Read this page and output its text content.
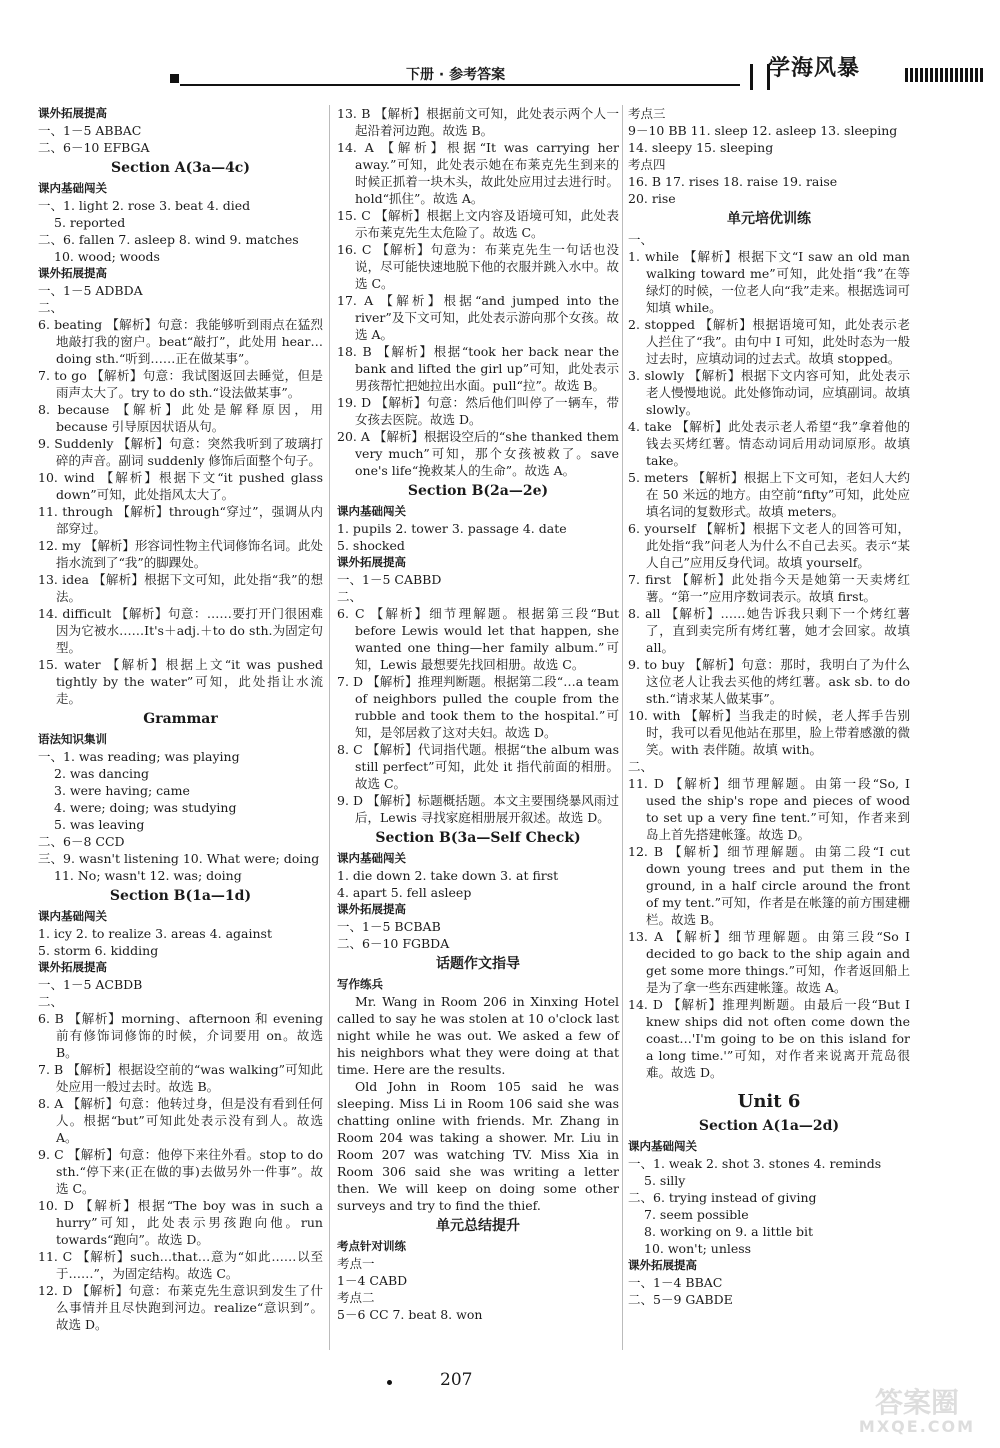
下册 · 参考答案	学海风暴
课外拓展提高
一、1－5 ABBAC
二、6－10 EFBGA
Section A(3a—4c)
课内基础闯关
一、1. light 2. rose 3. beat 4. died
5. reported
二、6. fallen 7. asleep 8. wind 9. matches
10. wood; woods
课外拓展提高
一、1－5 ADBDA
二、
6. beating 【解析】句意：我能够听到雨点在猛烈地敲打我的窗户。beat“敲打”，此处用 hear…doing sth.“听到……正在做某事”。
7. to go 【解析】句意：我试图返回去睡觉，但是雨声太大了。try to do sth.“设法做某事”。
8. because 【解析】此处是解释原因，用 because 引导原因状语从句。
9. Suddenly 【解析】句意：突然我听到了玻璃打碎的声音。副词 suddenly 修饰后面整个句子。
10. wind 【解析】根据下文“it pushed glass down”可知，此处指风太大了。
11. through 【解析】through“穿过”，强调从内部穿过。
12. my 【解析】形容词性物主代词修饰名词。此处指水流到了“我”的脚踝处。
13. idea 【解析】根据下文可知，此处指“我”的想法。
14. difficult 【解析】句意：……要打开门很困难因为它被水……It's＋adj.＋to do sth.为固定句型。
15. water 【解析】根据上文“it was pushed tightly by the water”可知，此处指让水流走。
Grammar
语法知识集训
一、1. was reading; was playing
2. was dancing
3. were having; came
4. were; doing; was studying
5. was leaving
二、6－8 CCD
三、9. wasn't listening 10. What were; doing
11. No; wasn't 12. was; doing
Section B(1a—1d)
课内基础闯关
1. icy 2. to realize 3. areas 4. against
5. storm 6. kidding
课外拓展提高
一、1－5 ACBDB
二、
6. B 【解析】morning、afternoon 和 evening 前有修饰词修饰的时候，介词要用 on。故选 B。
7. B 【解析】根据设空前的“was walking”可知此处应用一般过去时。故选 B。
8. A 【解析】句意：他转过身，但是没有看到任何人。根据“but”可知此处表示没有到人。故选 A。
9. C 【解析】句意：他停下来往外看。stop to do sth.“停下来(正在做的事)去做另外一件事”。故选 C。
10. D 【解析】根据“The boy was in such a hurry”可知，此处表示男孩跑向他。run towards“跑向”。故选 D。
11. C 【解析】such…that…意为“如此……以至于……”，为固定结构。故选 C。
12. D 【解析】句意：布莱克先生意识到发生了什么事情并且尽快跑到河边。realize“意识到”。故选 D。
13. B 【解析】根据前文可知，此处表示两个人一起沿着河边跑。故选 B。
14. A 【解析】根据“It was carrying her away.”可知，此处表示她在布莱克先生到来的时候正抓着一块木头，故此处应用过去进行时。hold“抓住”。故选 A。
15. C 【解析】根据上文内容及语境可知，此处表示布莱克先生太危险了。故选 C。
16. C 【解析】句意为：布莱克先生一句话也没说，尽可能快速地脱下他的衣服并跳入水中。故选 C。
17. A 【解析】根据“and jumped into the river”及下文可知，此处表示游向那个女孩。故选 A。
18. B 【解析】根据“took her back near the bank and lifted the girl up”可知，此处表示男孩帮忙把她拉出水面。pull“拉”。故选 B。
19. D 【解析】句意：然后他们叫停了一辆车，带女孩去医院。故选 D。
20. A 【解析】根据设空后的“she thanked them very much”可知，那个女孩被救了。save one's life“挽救某人的生命”。故选 A。
Section B(2a—2e)
课内基础闯关
1. pupils 2. tower 3. passage 4. date
5. shocked
课外拓展提高
一、1－5 CABBD
二、
6. C 【解析】细节理解题。根据第三段“But before Lewis would let that happen, she wanted one thing—her family album.”可知，Lewis 最想要先找回相册。故选 C。
7. D 【解析】推理判断题。根据第二段“…a team of neighbors pulled the couple from the rubble and took them to the hospital.”可知，是邻居救了这对夫妇。故选 D。
8. C 【解析】代词指代题。根据“the album was still perfect”可知，此处 it 指代前面的相册。故选 C。
9. D 【解析】标题概括题。本文主要围绕暴风雨过后，Lewis 寻找家庭相册展开叙述。故选 D。
Section B(3a—Self Check)
课内基础闯关
1. die down 2. take down 3. at first
4. apart 5. fell asleep
课外拓展提高
一、1－5 BCBAB
二、6－10 FGBDA
话题作文指导
写作练兵
Mr. Wang in Room 206 in Xinxing Hotel called to say he was stolen at 10 o'clock last night while he was out. We asked a few of his neighbors what they were doing at that time. Here are the results.
Old John in Room 105 said he was sleeping. Miss Li in Room 106 said she was chatting online with friends. Mr. Zhang in Room 204 was taking a shower. Mr. Liu in Room 207 was watching TV. Miss Xia in Room 306 said she was writing a letter then. We will keep on doing some other surveys and try to find the thief.
单元总结提升
考点针对训练
考点一
1－4 CABD
考点二
5－6 CC 7. beat 8. won
考点三
9－10 BB 11. sleep 12. asleep 13. sleeping
14. sleepy 15. sleeping
考点四
16. B 17. rises 18. raise 19. raise
20. rise
单元培优训练
一、
1. while 【解析】根据下文“I saw an old man walking toward me”可知，此处指“我”在等绿灯的时候，一位老人向“我”走来。根据选词可知填 while。
2. stopped 【解析】根据语境可知，此处表示老人拦住了“我”。由句中 I 可知，此处时态为一般过去时，应填动词的过去式。故填 stopped。
3. slowly 【解析】根据下文内容可知，此处表示老人慢慢地说。此处修饰动词，应填副词。故填 slowly。
4. take 【解析】此处表示老人希望“我”拿着他的钱去买烤红薯。情态动词后用动词原形。故填 take。
5. meters 【解析】根据上下文可知，老妇人大约在 50 米远的地方。由空前“fifty”可知，此处应填名词的复数形式。故填 meters。
6. yourself 【解析】根据下文老人的回答可知，此处指“我”问老人为什么不自己去买。表示“某人自己”应用反身代词。故填 yourself。
7. first 【解析】此处指今天是她第一天卖烤红薯。“第一”应用序数词表示。故填 first。
8. all 【解析】……她告诉我只剩下一个烤红薯了，直到卖完所有烤红薯，她才会回家。故填 all。
9. to buy 【解析】句意：那时，我明白了为什么这位老人让我去买他的烤红薯。ask sb. to do sth.“请求某人做某事”。
10. with 【解析】当我走的时候，老人挥手告别时，我可以看见他站在那里，脸上带着感激的微笑。with 表伴随。故填 with。
二、
11. D 【解析】细节理解题。由第一段“So, I used the ship's rope and pieces of wood to set up a very fine tent.”可知，作者来到岛上首先搭建帐篷。故选 D。
12. B 【解析】细节理解题。由第二段“I cut down young trees and put them in the ground, in a half circle around the front of my tent.”可知，作者是在帐篷的前方围建栅栏。故选 B。
13. A 【解析】细节理解题。由第三段“So I decided to go back to the ship again and get some more things.”可知，作者返回船上是为了拿一些东西建帐篷。故选 A。
14. D 【解析】推理判断题。由最后一段“But I knew ships did not often come down the coast…'I'm going to be on this island for a long time.'”可知，对作者来说离开荒岛很难。故选 D。
Unit 6
Section A(1a—2d)
课内基础闯关
一、1. weak 2. shot 3. stones 4. reminds
5. silly
二、6. trying instead of giving
7. seem possible
8. working on 9. a little bit
10. won't; unless
课外拓展提高
一、1－4 BBAC
二、5－9 GABDE
207
答案圈
MXQE.COM
